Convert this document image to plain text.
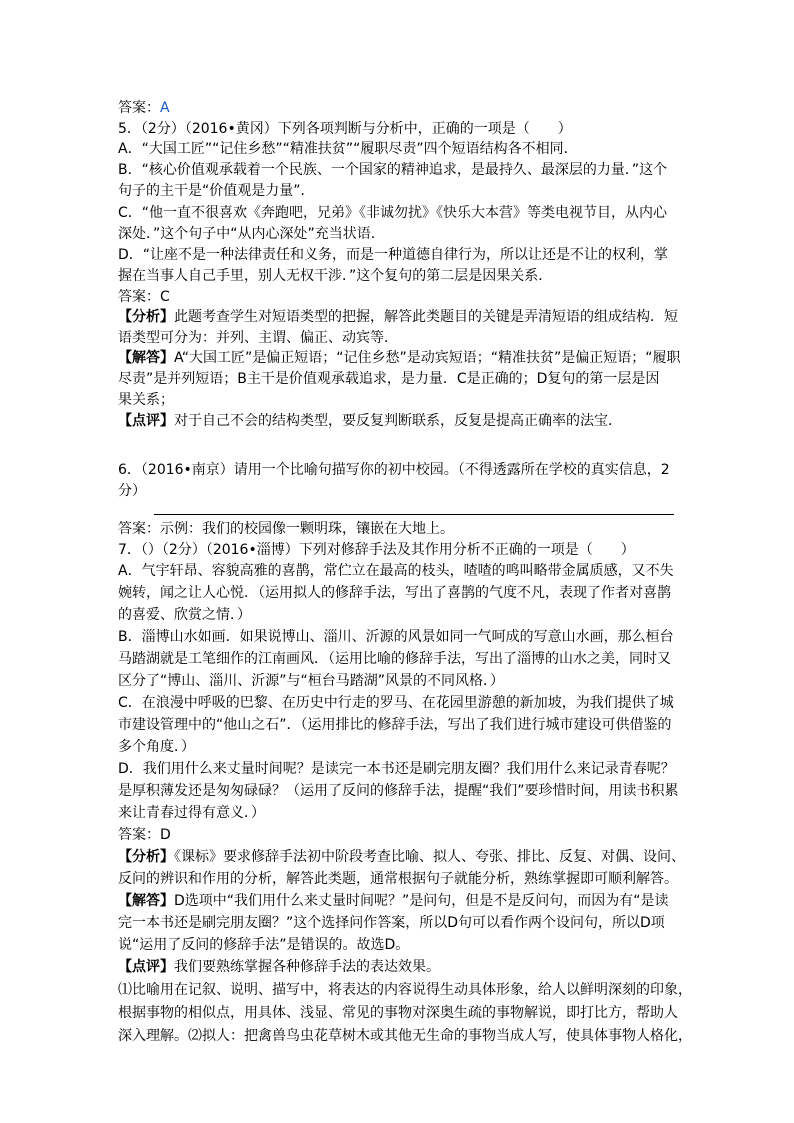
答案：A
5．（2分）（2016•黄冈）下列各项判断与分析中，正确的一项是（　　）
A．“大国工匠”“记住乡愁”“精准扶贫”“履职尽责”四个短语结构各不相同．
B．“核心价值观承载着一个民族、一个国家的精神追求，是最持久、最深层的力量．”这个
句子的主干是“价值观是力量”．
C．“他一直不很喜欢《奔跑吧，兄弟》《非诚勿扰》《快乐大本营》等类电视节目，从内心
深处．”这个句子中“从内心深处”充当状语．
D．“让座不是一种法律责任和义务，而是一种道德自律行为，所以让还是不让的权利，掌
握在当事人自己手里，别人无权干涉．”这个复句的第二层是因果关系．
答案：C
【分析】此题考查学生对短语类型的把握，解答此类题目的关键是弄清短语的组成结构．短
语类型可分为：并列、主谓、偏正、动宾等．
【解答】A“大国工匠”是偏正短语；“记住乡愁”是动宾短语；“精准扶贫”是偏正短语；“履职
尽责”是并列短语；B主干是价值观承载追求，是力量．C是正确的；D复句的第一层是因
果关系；
【点评】对于自己不会的结构类型，要反复判断联系，反复是提高正确率的法宝．
6．（2016•南京）请用一个比喻句描写你的初中校园。（不得透露所在学校的真实信息，2
分）
答案：示例：我们的校园像一颗明珠，镶嵌在大地上。
7．（）（2分）（2016•淄博）下列对修辞手法及其作用分析不正确的一项是（　　）
A．气宇轩昂、容貌高雅的喜鹊，常伫立在最高的枝头，喳喳的鸣叫略带金属质感，又不失
婉转，闻之让人心悦．（运用拟人的修辞手法，写出了喜鹊的气度不凡，表现了作者对喜鹊
的喜爱、欣赏之情．）
B．淄博山水如画．如果说博山、淄川、沂源的风景如同一气呵成的写意山水画，那么桓台
马踏湖就是工笔细作的江南画风．（运用比喻的修辞手法，写出了淄博的山水之美，同时又
区分了“博山、淄川、沂源”与“桓台马踏湖”风景的不同风格．）
C．在浪漫中呼吸的巴黎、在历史中行走的罗马、在花园里游憩的新加坡，为我们提供了城
市建设管理中的“他山之石”．（运用排比的修辞手法，写出了我们进行城市建设可供借鉴的
多个角度．）
D．我们用什么来丈量时间呢？是读完一本书还是刷完朋友圈？我们用什么来记录青春呢？
是厚积薄发还是匆匆碌碌？（运用了反问的修辞手法，提醒“我们”要珍惜时间，用读书积累
来让青春过得有意义．）
答案：D
【分析】《课标》要求修辞手法初中阶段考查比喻、拟人、夸张、排比、反复、对偶、设问、
反问的辨识和作用的分析，解答此类题，通常根据句子就能分析，熟练掌握即可顺利解答。
【解答】D选项中“我们用什么来丈量时间呢？”是问句，但是不是反问句，而因为有“是读
完一本书还是刷完朋友圈？”这个选择问作答案，所以D句可以看作两个设问句，所以D项
说“运用了反问的修辞手法”是错误的。故选D。
【点评】我们要熟练掌握各种修辞手法的表达效果。
⑴比喻用在记叙、说明、描写中，将表达的内容说得生动具体形象，给人以鲜明深刻的印象，
根据事物的相似点，用具体、浅显、常见的事物对深奥生疏的事物解说，即打比方，帮助人
深入理解。⑵拟人：把禽兽鸟虫花草树木或其他无生命的事物当成人写，使具体事物人格化，
